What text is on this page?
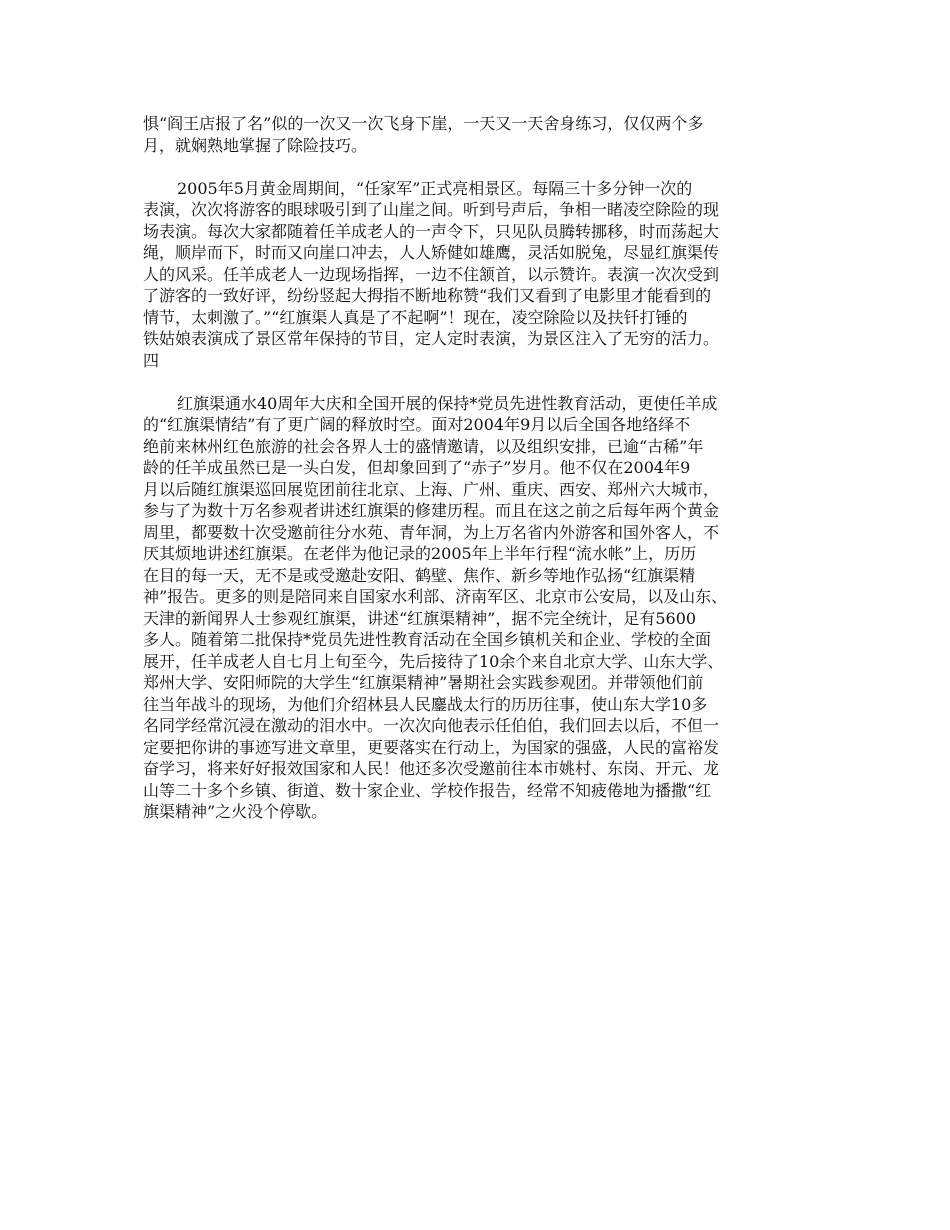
惧“阎王店报了名”似的一次又一次飞身下崖，一天又一天舍身练习，仅仅两个多
月，就娴熟地掌握了除险技巧。
2005年5月黄金周期间，“任家军”正式亮相景区。每隔三十多分钟一次的
表演，次次将游客的眼球吸引到了山崖之间。听到号声后，争相一睹凌空除险的现
场表演。每次大家都随着任羊成老人的一声令下，只见队员腾转挪移，时而荡起大
绳，顺岸而下，时而又向崖口冲去，人人矫健如雄鹰，灵活如脱兔，尽显红旗渠传
人的风采。任羊成老人一边现场指挥，一边不住颔首，以示赞许。表演一次次受到
了游客的一致好评，纷纷竖起大拇指不断地称赞“我们又看到了电影里才能看到的
情节，太刺激了。”“红旗渠人真是了不起啊”！现在，凌空除险以及扶钎打锤的
铁姑娘表演成了景区常年保持的节目，定人定时表演，为景区注入了无穷的活力。
四
红旗渠通水40周年大庆和全国开展的保持*党员先进性教育活动，更使任羊成
的“红旗渠情结”有了更广阔的释放时空。面对2004年9月以后全国各地络绎不
绝前来林州红色旅游的社会各界人士的盛情邀请，以及组织安排，已逾“古稀”年
龄的任羊成虽然已是一头白发，但却象回到了“赤子”岁月。他不仅在2004年9
月以后随红旗渠巡回展览团前往北京、上海、广州、重庆、西安、郑州六大城市，
参与了为数十万名参观者讲述红旗渠的修建历程。而且在这之前之后每年两个黄金
周里，都要数十次受邀前往分水苑、青年洞，为上万名省内外游客和国外客人，不
厌其烦地讲述红旗渠。在老伴为他记录的2005年上半年行程“流水帐”上，历历
在目的每一天，无不是或受邀赴安阳、鹤壁、焦作、新乡等地作弘扬“红旗渠精
神”报告。更多的则是陪同来自国家水利部、济南军区、北京市公安局，以及山东、
天津的新闻界人士参观红旗渠，讲述“红旗渠精神”，据不完全统计，足有5600
多人。随着第二批保持*党员先进性教育活动在全国乡镇机关和企业、学校的全面
展开，任羊成老人自七月上旬至今，先后接待了10余个来自北京大学、山东大学、
郑州大学、安阳师院的大学生“红旗渠精神”暑期社会实践参观团。并带领他们前
往当年战斗的现场，为他们介绍林县人民鏖战太行的历历往事，使山东大学10多
名同学经常沉浸在激动的泪水中。一次次向他表示任伯伯，我们回去以后，不但一
定要把你讲的事迹写进文章里，更要落实在行动上，为国家的强盛，人民的富裕发
奋学习，将来好好报效国家和人民！他还多次受邀前往本市姚村、东岗、开元、龙
山等二十多个乡镇、街道、数十家企业、学校作报告，经常不知疲倦地为播撒“红
旗渠精神”之火没个停歇。
